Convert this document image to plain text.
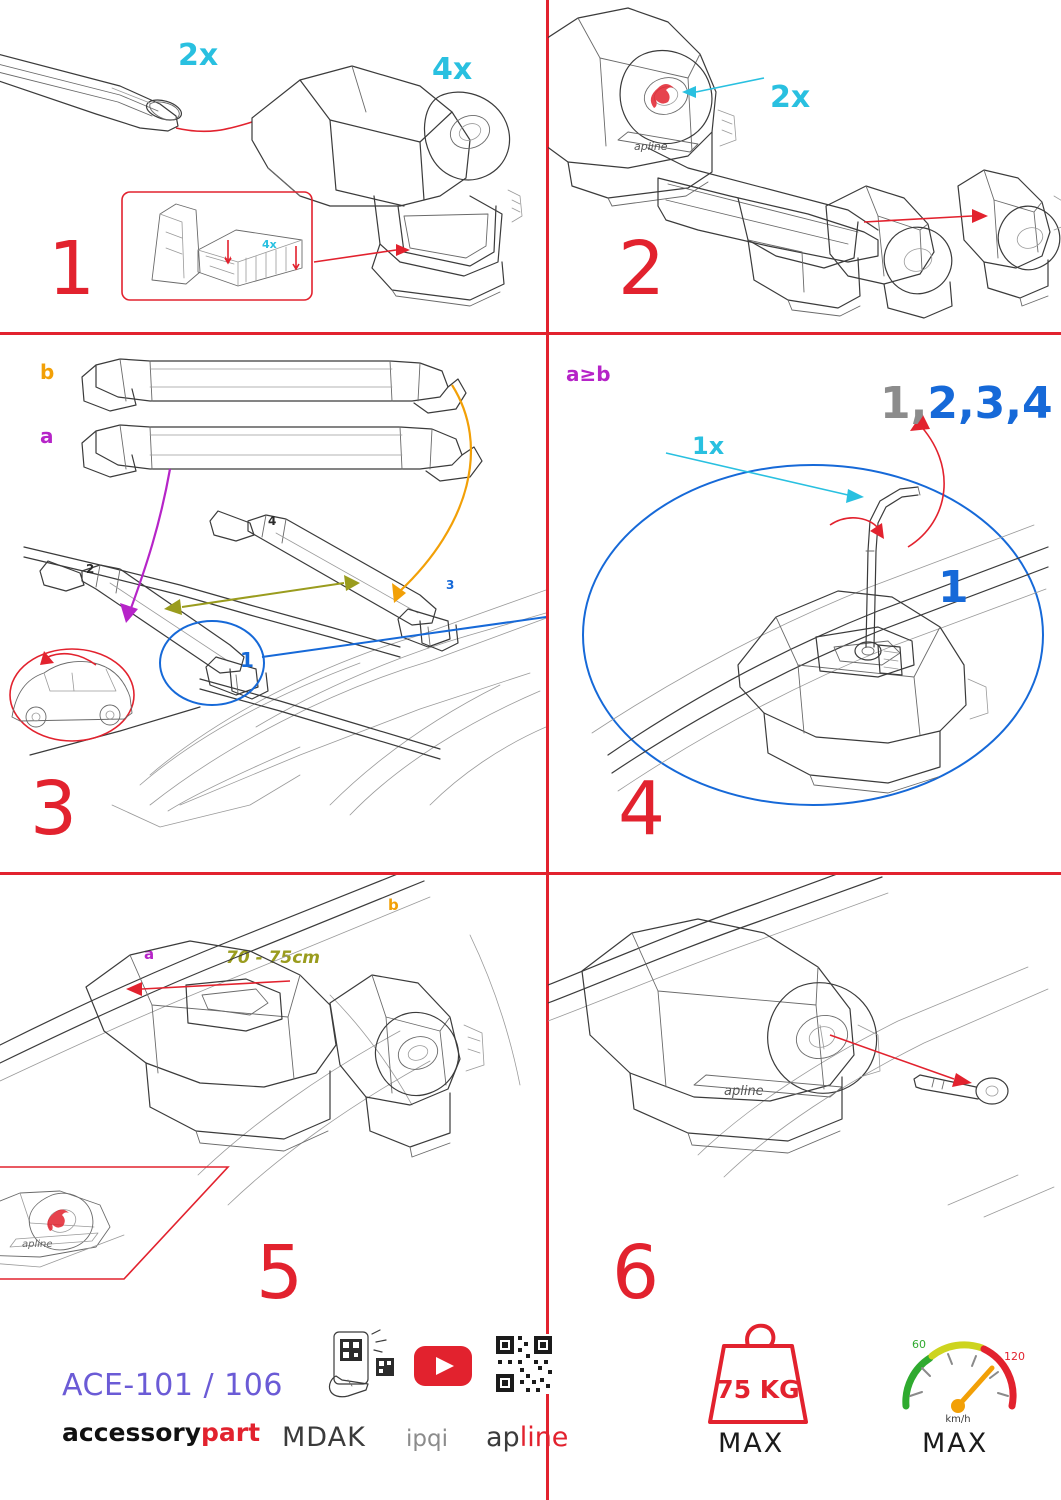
4x
2x	4x
1
apline
2x
2
b
a
a
b
70 - 75cm
1
2
3
4
3
a≥b
1x
1
1,2,3,4
4
apline	5
apline
6
ACE-101 / 106
accessorypart MDAK ipqi apline
75 KG
MAX
60
120
km/h
MAX
